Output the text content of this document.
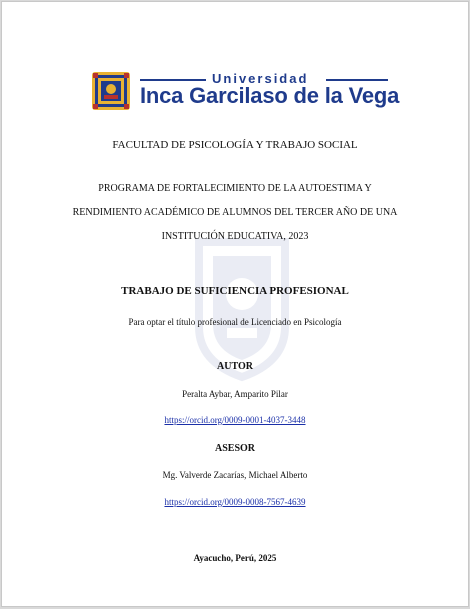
Universidad
Inca Garcilaso de la Vega
FACULTAD DE PSICOLOGÍA Y TRABAJO SOCIAL
PROGRAMA DE FORTALECIMIENTO DE LA AUTOESTIMA Y
RENDIMIENTO ACADÉMICO DE ALUMNOS DEL TERCER AÑO DE UNA
INSTITUCIÓN EDUCATIVA, 2023
TRABAJO DE SUFICIENCIA PROFESIONAL
Para optar el título profesional de Licenciado en Psicología
AUTOR
Peralta Aybar, Amparito Pilar
https://orcid.org/0009-0001-4037-3448
ASESOR
Mg. Valverde Zacarías, Michael Alberto
https://orcid.org/0009-0008-7567-4639
Ayacucho, Perú, 2025
